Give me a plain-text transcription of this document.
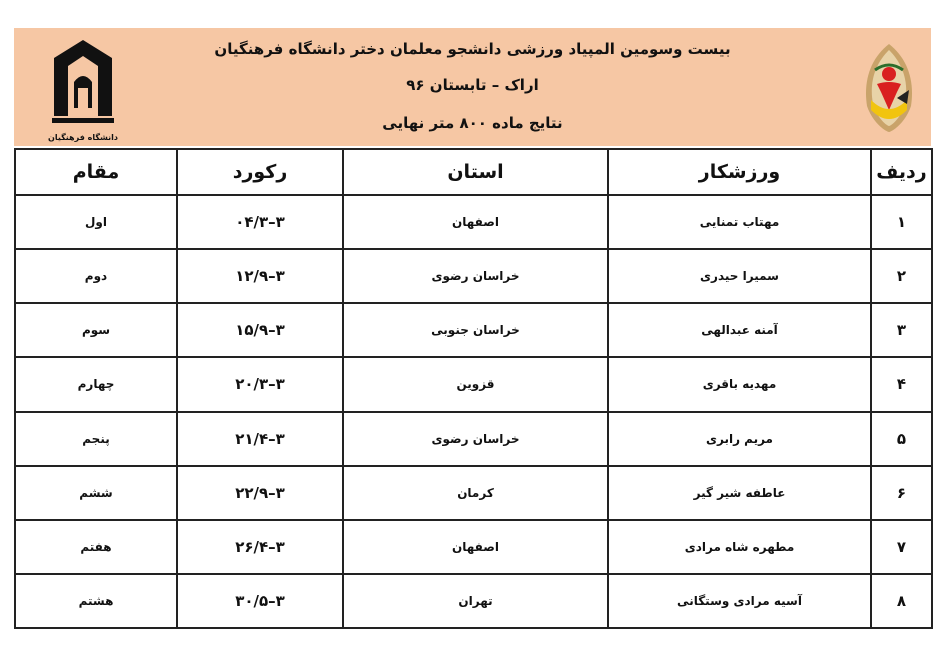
دانشگاه فرهنگیان
بیست وسومین المپیاد ورزشی دانشجو معلمان دختر دانشگاه فرهنگیان
اراک – تابستان ۹۶
نتایج ماده ۸۰۰ متر نهایی
ردیف	ورزشکار	استان	رکورد	مقام
۱	مهتاب تمنایی	اصفهان	۳–۰۴/۳	اول
۲	سمیرا حیدری	خراسان رضوی	۳–۱۲/۹	دوم
۳	آمنه عبدالهی	خراسان جنوبی	۳–۱۵/۹	سوم
۴	مهدیه باقری	قزوین	۳–۲۰/۳	چهارم
۵	مریم رابری	خراسان رضوی	۳–۲۱/۴	پنجم
۶	عاطفه شیر گیر	کرمان	۳–۲۲/۹	ششم
۷	مطهره شاه مرادی	اصفهان	۳–۲۶/۴	هفتم
۸	آسیه مرادی وستگانی	تهران	۳–۳۰/۵	هشتم
